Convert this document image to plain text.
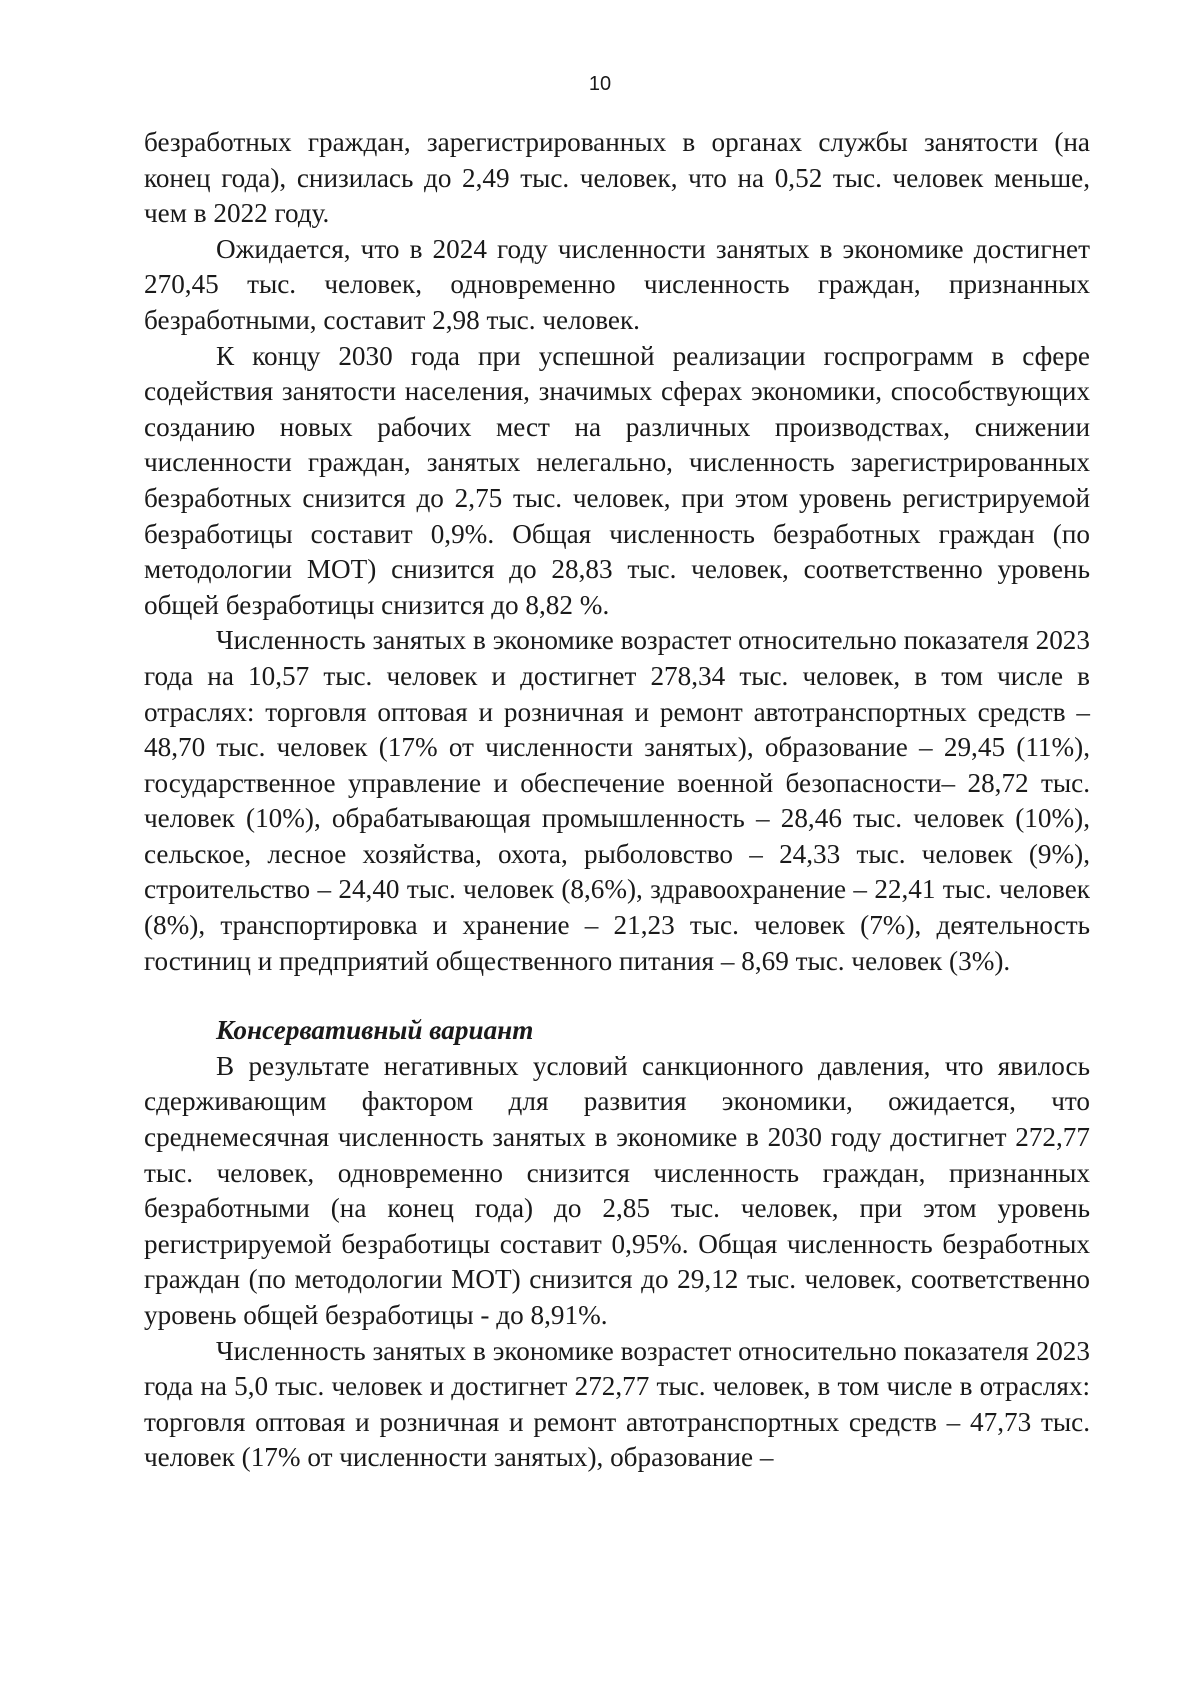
10

безработных граждан, зарегистрированных в органах службы занятости (на конец года), снизилась до 2,49 тыс. человек, что на 0,52 тыс. человек меньше, чем в 2022 году.

Ожидается, что в 2024 году численности занятых в экономике достигнет 270,45 тыс. человек, одновременно численность граждан, признанных безработными, составит 2,98 тыс. человек.

К концу 2030 года при успешной реализации госпрограмм в сфере содействия занятости населения, значимых сферах экономики, способствующих созданию новых рабочих мест на различных производствах, снижении численности граждан, занятых нелегально, численность зарегистрированных безработных снизится до 2,75 тыс. человек, при этом уровень регистрируемой безработицы составит 0,9%. Общая численность безработных граждан (по методологии МОТ) снизится до 28,83 тыс. человек, соответственно уровень общей безработицы снизится до 8,82 %.

Численность занятых в экономике возрастет относительно показателя 2023 года на 10,57 тыс. человек и достигнет 278,34 тыс. человек, в том числе в отраслях: торговля оптовая и розничная и ремонт автотранспортных средств – 48,70 тыс. человек (17% от численности занятых), образование – 29,45 (11%), государственное управление и обеспечение военной безопасности– 28,72 тыс. человек (10%), обрабатывающая промышленность – 28,46 тыс. человек (10%), сельское, лесное хозяйства, охота, рыболовство – 24,33 тыс. человек (9%), строительство – 24,40 тыс. человек (8,6%), здравоохранение – 22,41 тыс. человек (8%), транспортировка и хранение – 21,23 тыс. человек (7%), деятельность гостиниц и предприятий общественного питания – 8,69 тыс. человек (3%).

Консервативный вариант

В результате негативных условий санкционного давления, что явилось сдерживающим фактором для развития экономики, ожидается, что среднемесячная численность занятых в экономике в 2030 году достигнет 272,77 тыс. человек, одновременно снизится численность граждан, признанных безработными (на конец года) до 2,85 тыс. человек, при этом уровень регистрируемой безработицы составит 0,95%. Общая численность безработных граждан (по методологии МОТ) снизится до 29,12 тыс. человек, соответственно уровень общей безработицы - до 8,91%.

Численность занятых в экономике возрастет относительно показателя 2023 года на 5,0 тыс. человек и достигнет 272,77 тыс. человек, в том числе в отраслях: торговля оптовая и розничная и ремонт автотранспортных средств – 47,73 тыс. человек (17% от численности занятых), образование –
